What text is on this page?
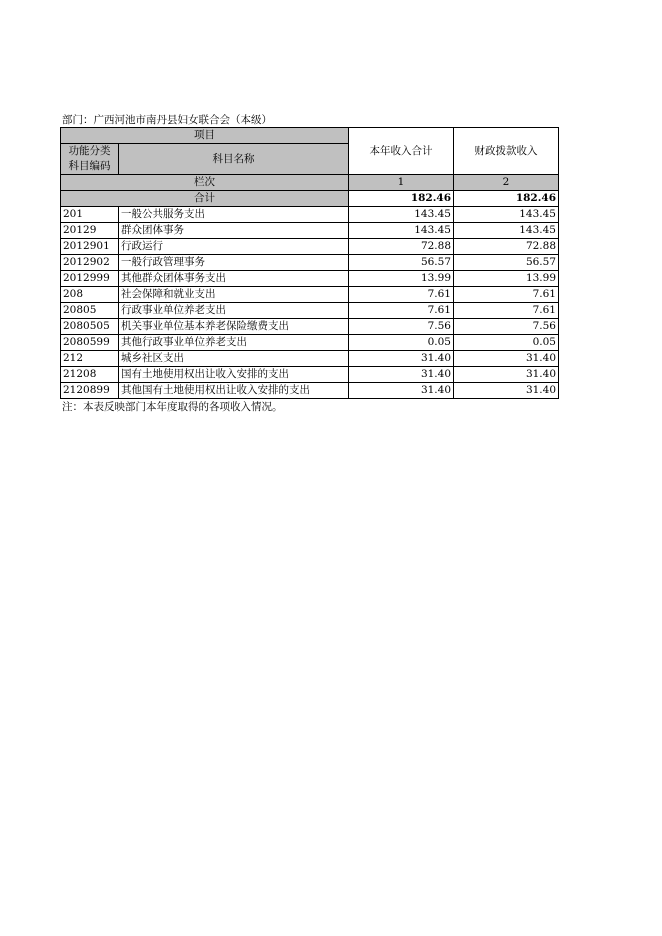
部门：广西河池市南丹县妇女联合会（本级）
项目		本年收入合计	财政拨款收入

功能分类
科目编码	科目名称		

栏次		1	2
合计		182.46	182.46
201	一般公共服务支出	143.45	143.45
20129	群众团体事务	143.45	143.45
2012901	行政运行	72.88	72.88
2012902	一般行政管理事务	56.57	56.57
2012999	其他群众团体事务支出	13.99	13.99
208	社会保障和就业支出	7.61	7.61
20805	行政事业单位养老支出	7.61	7.61
2080505	机关事业单位基本养老保险缴费支出	7.56	7.56
2080599	其他行政事业单位养老支出	0.05	0.05
212	城乡社区支出	31.40	31.40
21208	国有土地使用权出让收入安排的支出	31.40	31.40
2120899	其他国有土地使用权出让收入安排的支出	31.40	31.40
注：本表反映部门本年度取得的各项收入情况。
